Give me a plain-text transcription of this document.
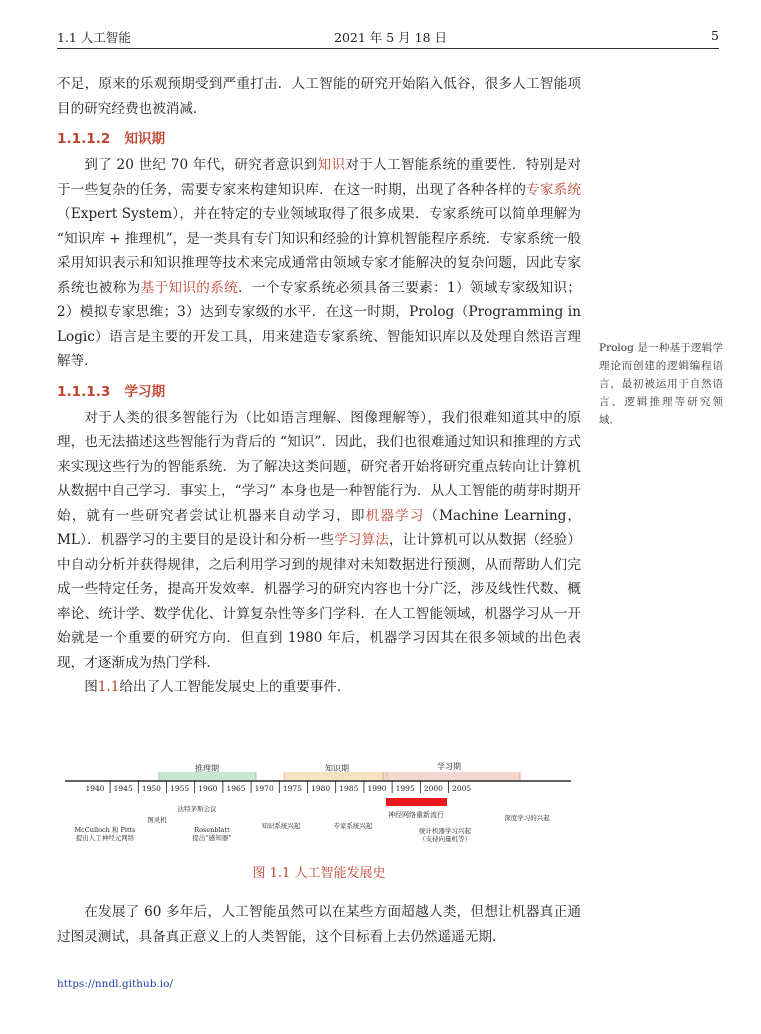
1.1 人工智能	2021 年 5 月 18 日	5

不足，原来的乐观预期受到严重打击．人工智能的研究开始陷入低谷，很多人工智能项目的研究经费也被消减．

1.1.1.2 知识期

到了 20 世纪 70 年代，研究者意识到知识对于人工智能系统的重要性．特别是对于一些复杂的任务，需要专家来构建知识库．在这一时期，出现了各种各样的专家系统（Expert System），并在特定的专业领域取得了很多成果．专家系统可以简单理解为 “知识库 + 推理机”，是一类具有专门知识和经验的计算机智能程序系统．专家系统一般采用知识表示和知识推理等技术来完成通常由领域专家才能解决的复杂问题，因此专家系统也被称为基于知识的系统．一个专家系统必须具备三要素：1）领域专家级知识；2）模拟专家思维；3）达到专家级的水平．在这一时期，Prolog（Programming in Logic）语言是主要的开发工具，用来建造专家系统、智能知识库以及处理自然语言理解等．

1.1.1.3 学习期

对于人类的很多智能行为（比如语言理解、图像理解等），我们很难知道其中的原理，也无法描述这些智能行为背后的 “知识”．因此，我们也很难通过知识和推理的方式来实现这些行为的智能系统．为了解决这类问题，研究者开始将研究重点转向让计算机从数据中自己学习．事实上，“学习” 本身也是一种智能行为．从人工智能的萌芽时期开始，就有一些研究者尝试让机器来自动学习，即机器学习（Machine Learning，ML）．机器学习的主要目的是设计和分析一些学习算法，让计算机可以从数据（经验）中自动分析并获得规律，之后利用学习到的规律对未知数据进行预测，从而帮助人们完成一些特定任务，提高开发效率．机器学习的研究内容也十分广泛，涉及线性代数、概率论、统计学、数学优化、计算复杂性等多门学科．在人工智能领域，机器学习从一开始就是一个重要的研究方向．但直到 1980 年后，机器学习因其在很多领域的出色表现，才逐渐成为热门学科．

图1.1给出了人工智能发展史上的重要事件．

Prolog 是一种基于逻辑学理论而创建的逻辑编程语言，最初被运用于自然语言、逻辑推理等研究领域．
推理期	知识期	学习期
1940 1945 1950 1955 1960 1965 1970 1975 1980 1985 1990 1995 2000 2005
McCulloch 和 Pitts
提出人工神经元网络
图灵机
达特茅斯会议
Rosenblatt
提出“感知器”
知识系统兴起	专家系统兴起
神经网络重新流行
统计机器学习兴起
（支持向量机等）
深度学习的兴起
图 1.1 人工智能发展史

在发展了 60 多年后，人工智能虽然可以在某些方面超越人类，但想让机器真正通过图灵测试，具备真正意义上的人类智能，这个目标看上去仍然遥遥无期．

https://nndl.github.io/
